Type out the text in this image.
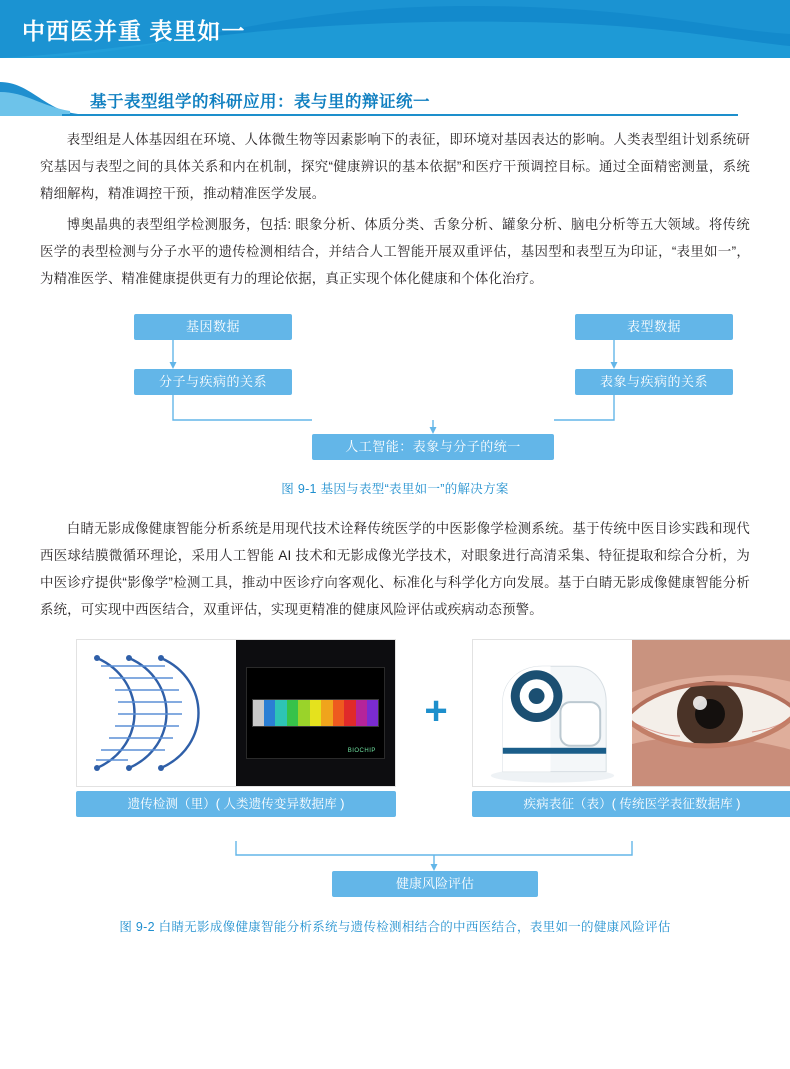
中西医并重 表里如一
基于表型组学的科研应用：表与里的辩证统一

表型组是人体基因组在环境、人体微生物等因素影响下的表征，即环境对基因表达的影响。人类表型组计划系统研究基因与表型之间的具体关系和内在机制，探究“健康辨识的基本依据”和医疗干预调控目标。通过全面精密测量，系统精细解构，精准调控干预，推动精准医学发展。

博奥晶典的表型组学检测服务，包括: 眼象分析、体质分类、舌象分析、罐象分析、脑电分析等五大领域。将传统医学的表型检测与分子水平的遗传检测相结合，并结合人工智能开展双重评估，基因型和表型互为印证，“表里如一”，为精准医学、精准健康提供更有力的理论依据，真正实现个体化健康和个体化治疗。

基因数据	表型数据
分子与疾病的关系	表象与疾病的关系
人工智能：表象与分子的统一
图 9-1 基因与表型“表里如一”的解决方案

白睛无影成像健康智能分析系统是用现代技术诠释传统医学的中医影像学检测系统。基于传统中医目诊实践和现代西医球结膜微循环理论，采用人工智能 AI 技术和无影成像光学技术，对眼象进行高清采集、特征提取和综合分析，为中医诊疗提供“影像学”检测工具，推动中医诊疗向客观化、标准化与科学化方向发展。基于白睛无影成像健康智能分析系统，可实现中西医结合，双重评估，实现更精准的健康风险评估或疾病动态预警。

BIOCHIP
+
遗传检测（里）( 人类遗传变异数据库 )	疾病表征（表）( 传统医学表征数据库 )
健康风险评估
图 9-2 白睛无影成像健康智能分析系统与遗传检测相结合的中西医结合，表里如一的健康风险评估
